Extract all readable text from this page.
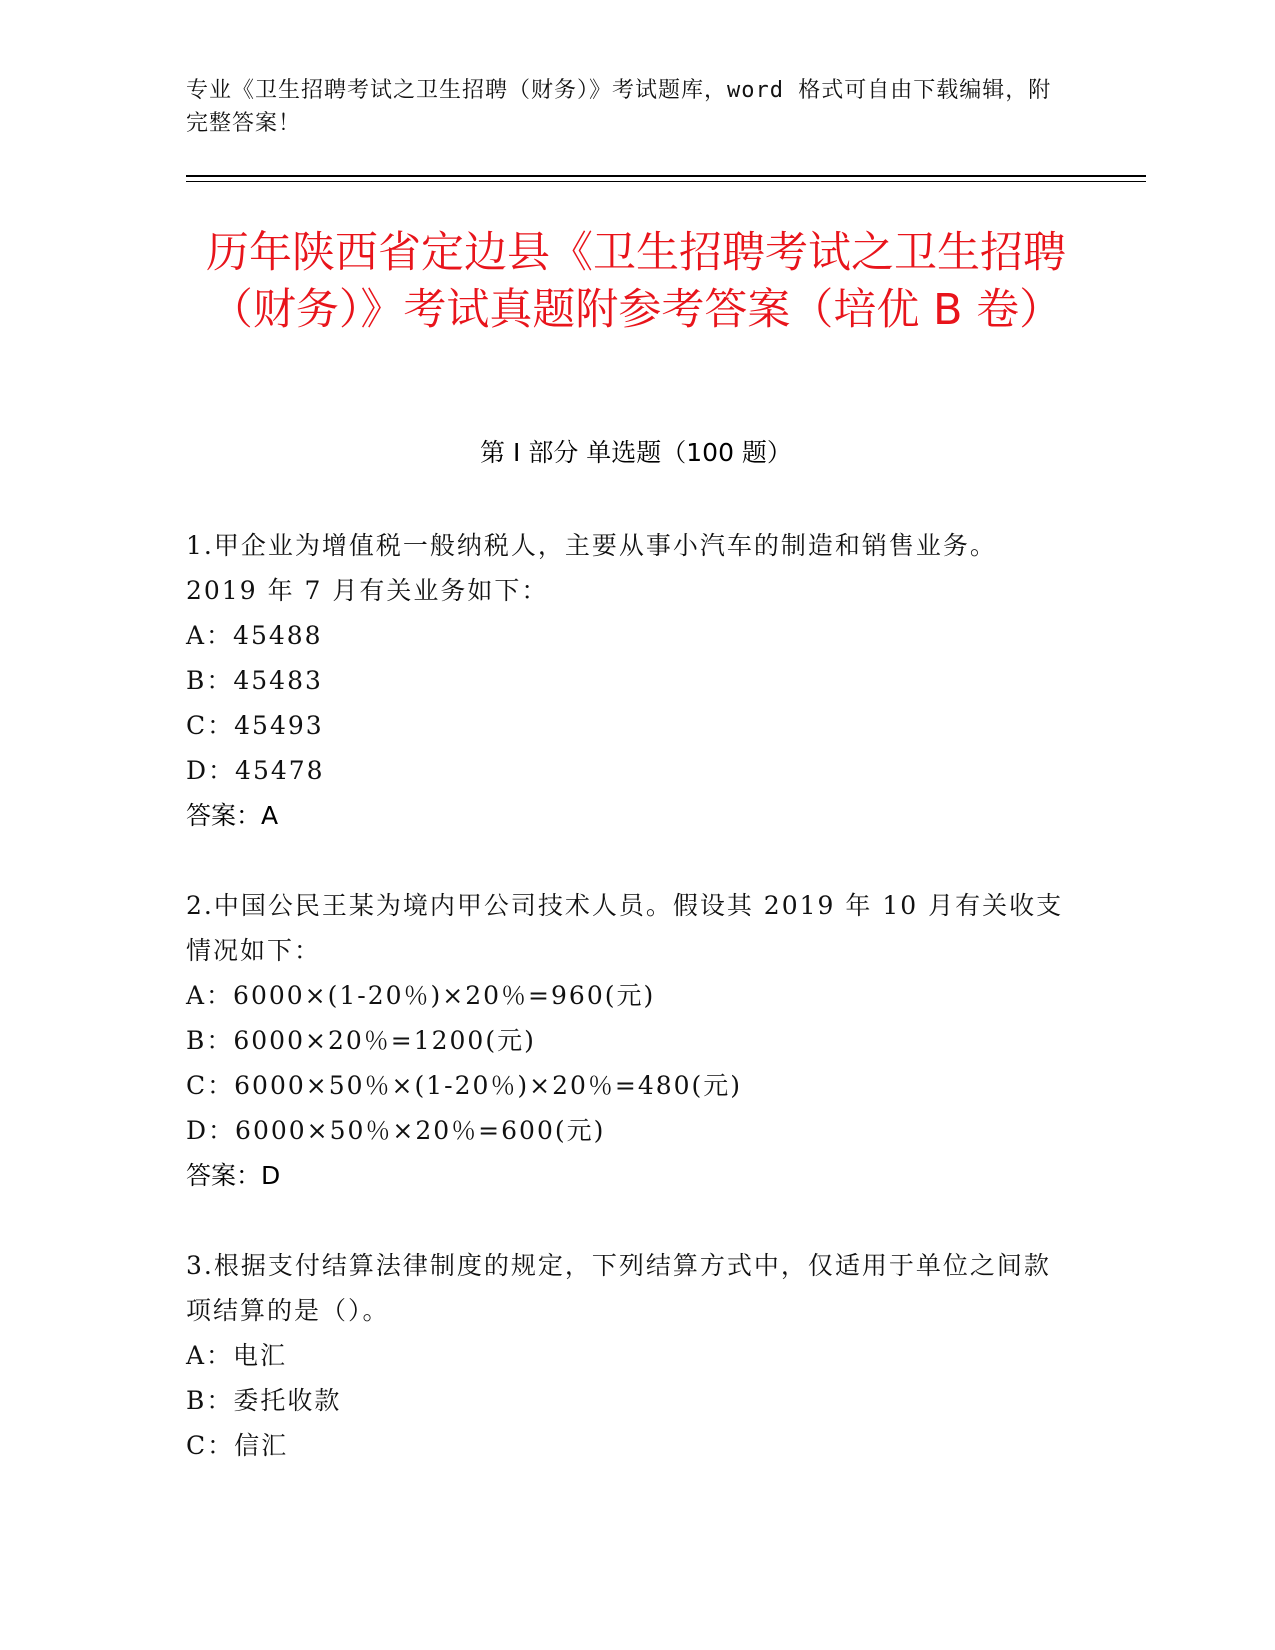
专业《卫生招聘考试之卫生招聘（财务）》考试题库，word 格式可自由下载编辑，附完整答案！
历年陕西省定边县《卫生招聘考试之卫生招聘（财务）》考试真题附参考答案（培优 B 卷）
第 I 部分 单选题（100 题）
1.甲企业为增值税一般纳税人，主要从事小汽车的制造和销售业务。2019 年 7 月有关业务如下：
A：45488
B：45483
C：45493
D：45478
答案：A
2.中国公民王某为境内甲公司技术人员。假设其 2019 年 10 月有关收支情况如下：
A：6000×(1-20％)×20％=960(元)
B：6000×20％=1200(元)
C：6000×50％×(1-20％)×20％=480(元)
D：6000×50％×20％=600(元)
答案：D
3.根据支付结算法律制度的规定，下列结算方式中，仅适用于单位之间款项结算的是（）。
A：电汇
B：委托收款
C：信汇
